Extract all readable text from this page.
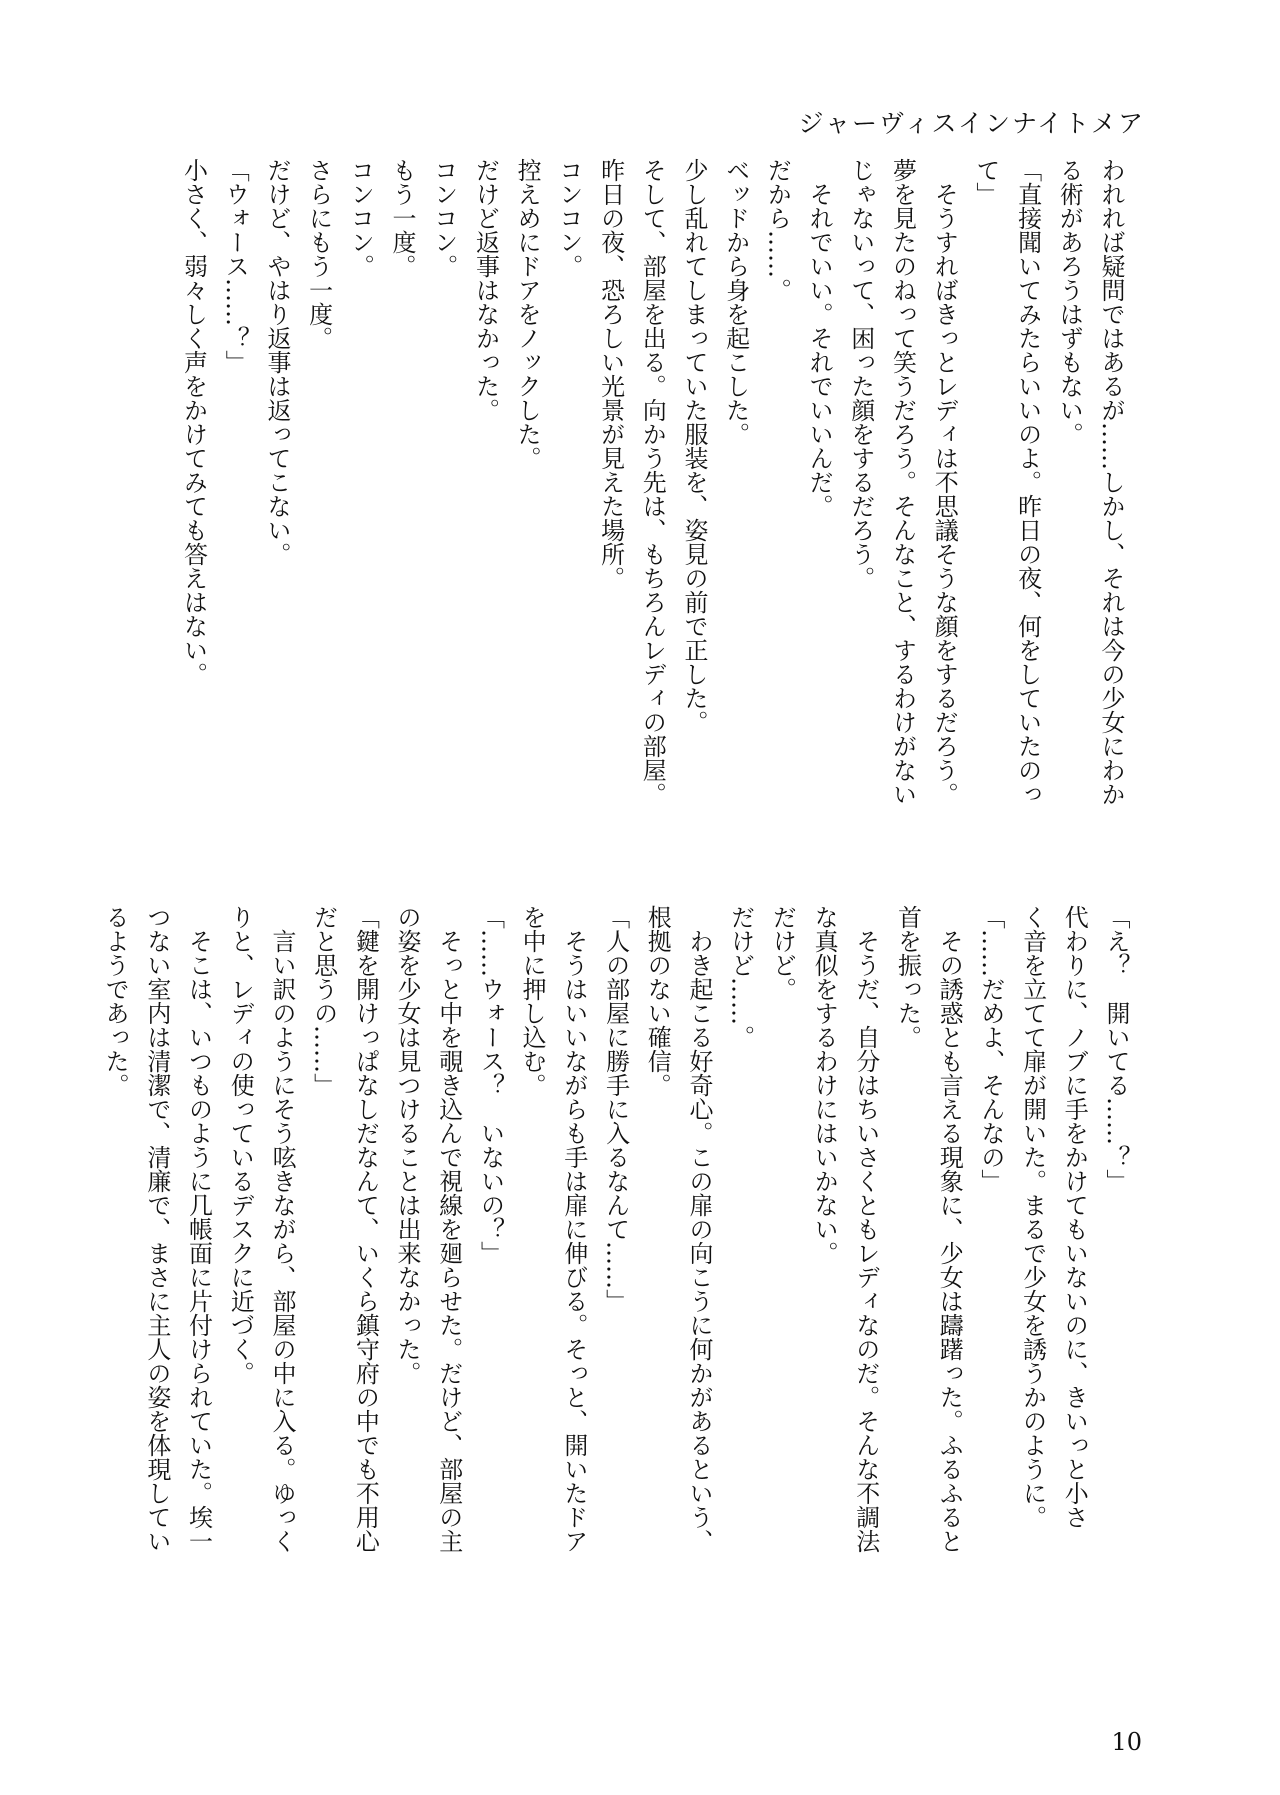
ジャーヴィスインナイトメア
われれば疑問ではあるが……しかし、それは今の少女にわか
る術があろうはずもない。
「直接聞いてみたらいいのよ。昨日の夜、何をしていたのっ
て」
そうすればきっとレディは不思議そうな顔をするだろう。
夢を見たのねって笑うだろう。そんなこと、するわけがない
じゃないって、困った顔をするだろう。
それでいい。それでいいんだ。
だから……。
ベッドから身を起こした。
少し乱れてしまっていた服装を、姿見の前で正した。
そして、部屋を出る。向かう先は、もちろんレディの部屋。
昨日の夜、恐ろしい光景が見えた場所。
コンコン。
控えめにドアをノックした。
だけど返事はなかった。
コンコン。
もう一度。
コンコン。
さらにもう一度。
だけど、やはり返事は返ってこない。
「ウォース……？」
小さく、弱々しく声をかけてみても答えはない。
「え？　開いてる……？」
代わりに、ノブに手をかけてもいないのに、きいっと小さ
く音を立てて扉が開いた。まるで少女を誘うかのように。
「……だめよ、そんなの」
その誘惑とも言える現象に、少女は躊躇った。ふるふると
首を振った。
そうだ、自分はちいさくともレディなのだ。そんな不調法
な真似をするわけにはいかない。
だけど。
だけど……。
わき起こる好奇心。この扉の向こうに何かがあるという、
根拠のない確信。
「人の部屋に勝手に入るなんて……」
そうはいいながらも手は扉に伸びる。そっと、開いたドア
を中に押し込む。
「……ウォース？　いないの？」
そっと中を覗き込んで視線を廻らせた。だけど、部屋の主
の姿を少女は見つけることは出来なかった。
「鍵を開けっぱなしだなんて、いくら鎮守府の中でも不用心
だと思うの……」
言い訳のようにそう呟きながら、部屋の中に入る。ゆっく
りと、レディの使っているデスクに近づく。
そこは、いつものように几帳面に片付けられていた。埃一
つない室内は清潔で、清廉で、まさに主人の姿を体現してい
るようであった。
10
